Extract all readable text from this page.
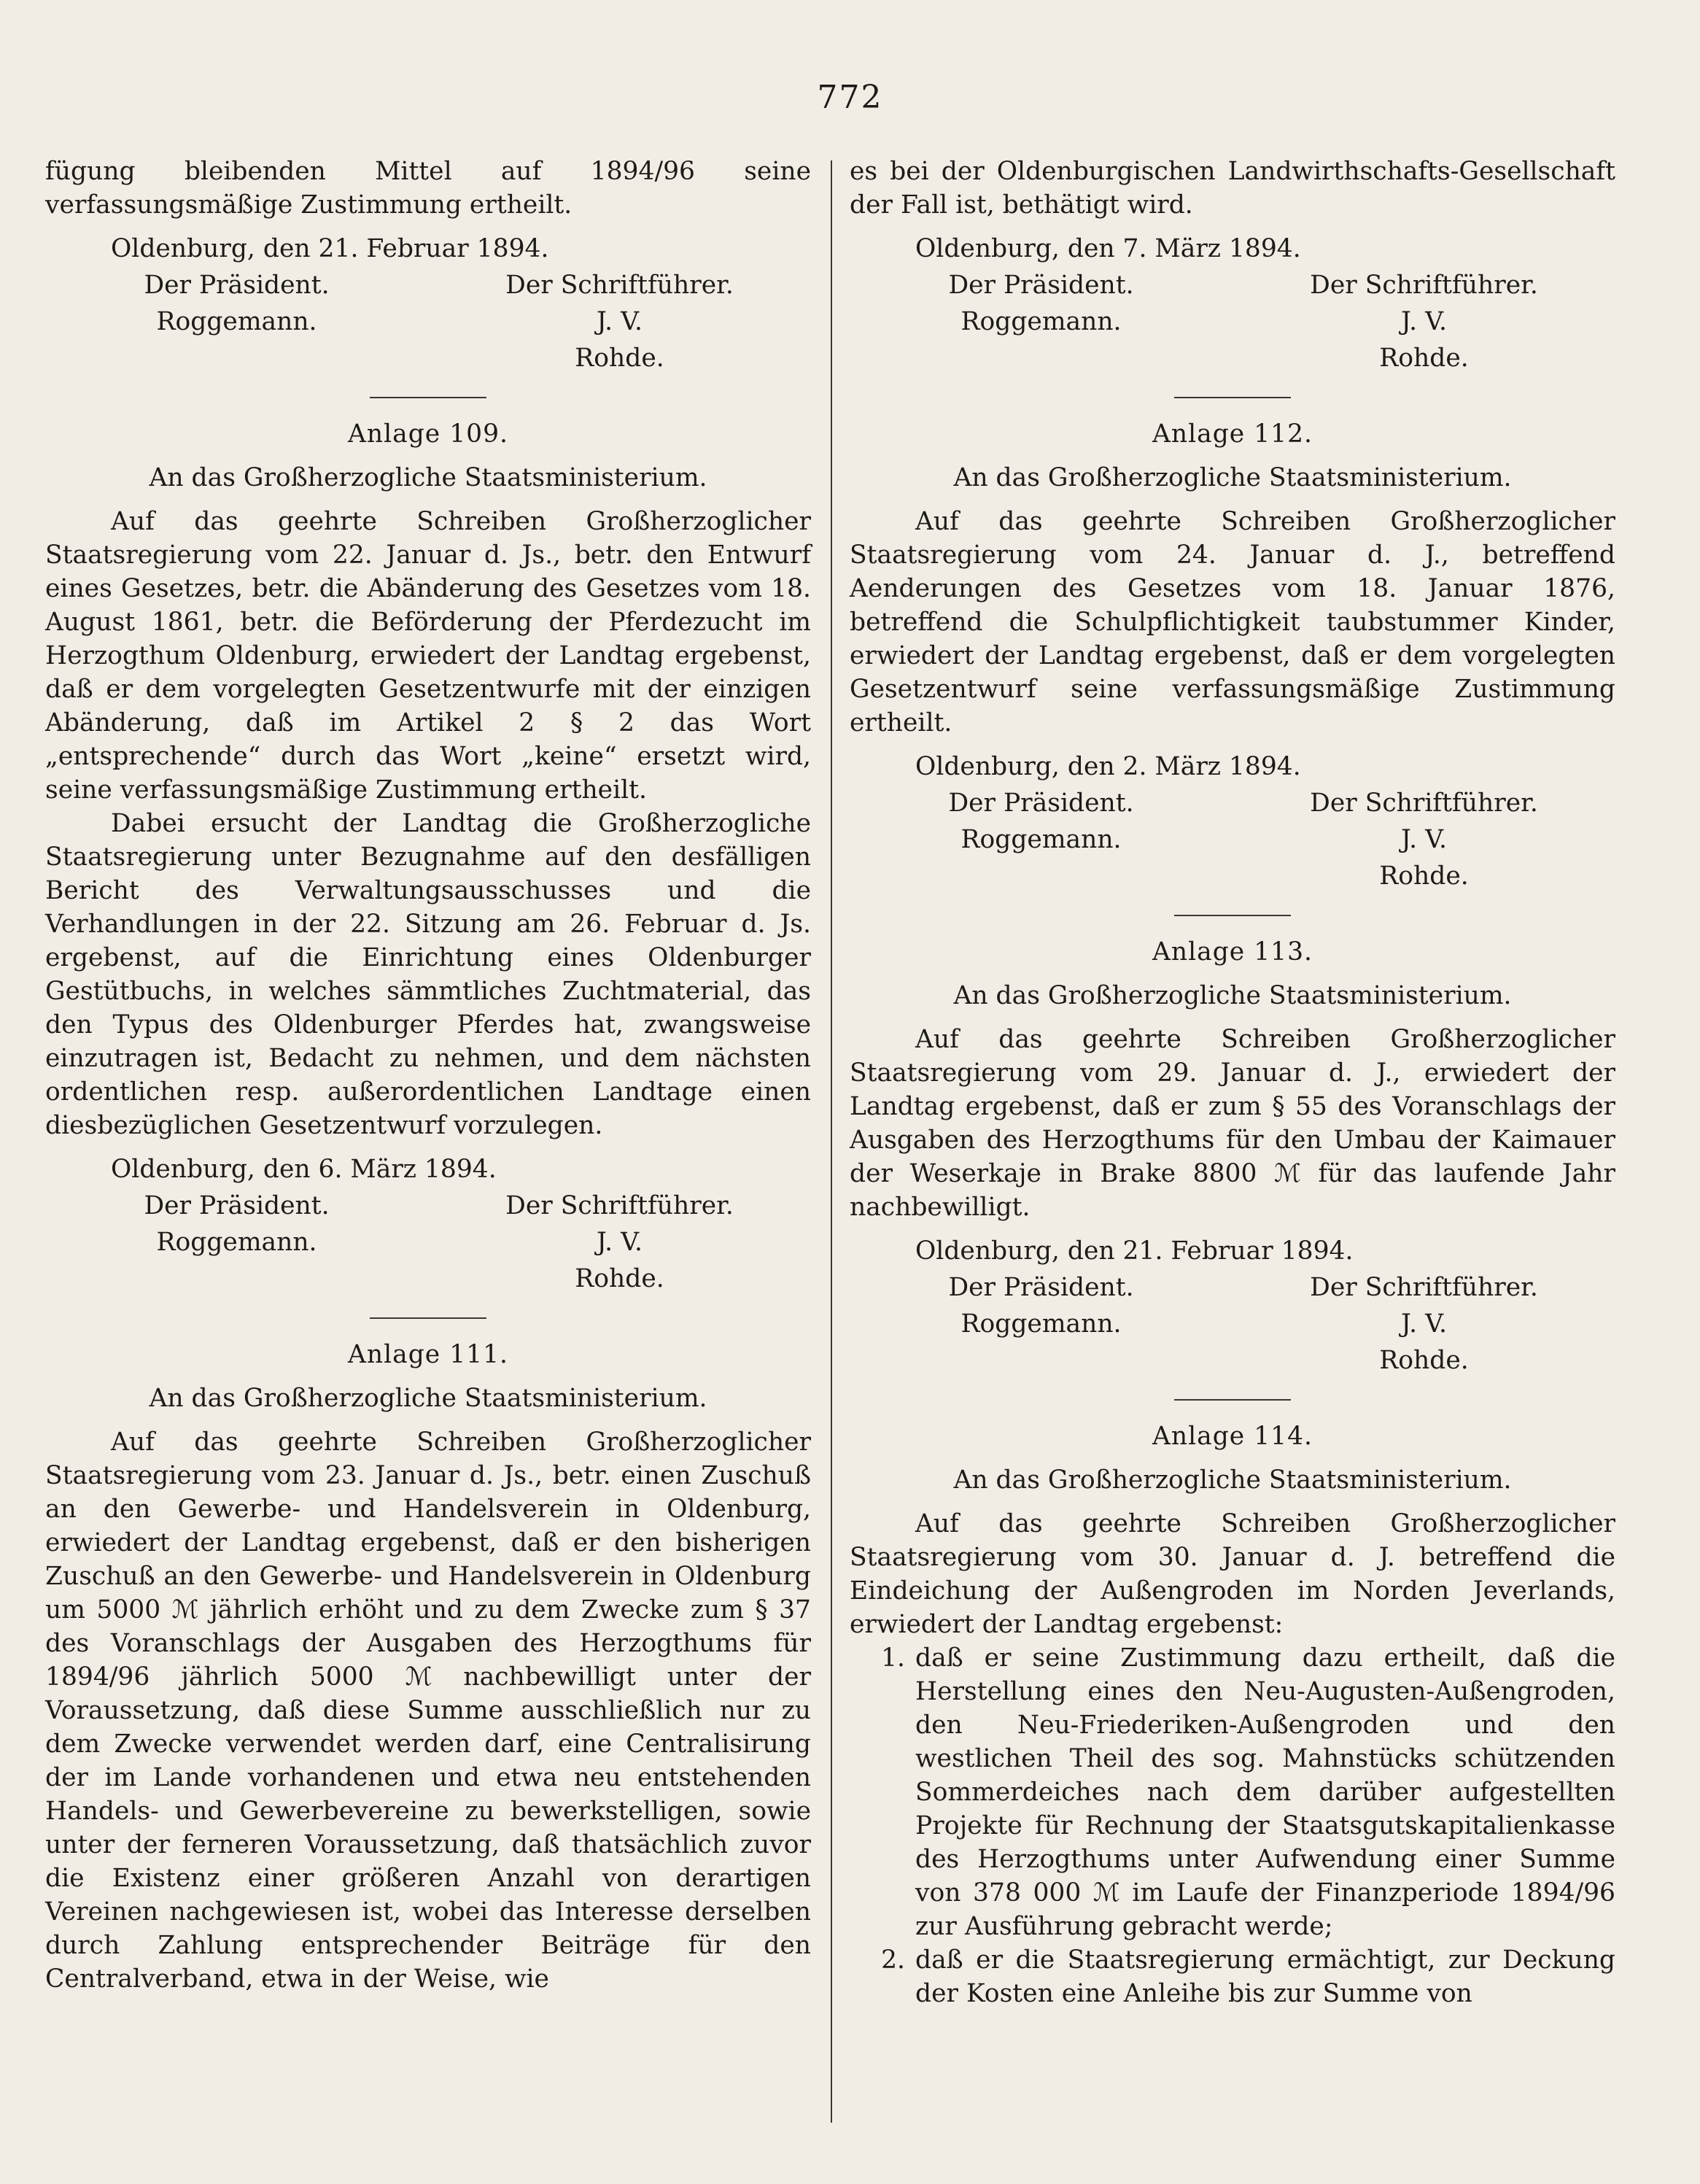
772

fügung bleibenden Mittel auf 1894/96 seine verfassungsmäßige Zustimmung ertheilt.

Oldenburg, den 21. Februar 1894.

Der Präsident.	Der Schriftführer.
Roggemann.	J. V.
Rohde.

Anlage 109.

An das Großherzogliche Staatsministerium.

Auf das geehrte Schreiben Großherzoglicher Staatsregierung vom 22. Januar d. Js., betr. den Entwurf eines Gesetzes, betr. die Abänderung des Gesetzes vom 18. August 1861, betr. die Beförderung der Pferdezucht im Herzogthum Oldenburg, erwiedert der Landtag ergebenst, daß er dem vorgelegten Gesetzentwurfe mit der einzigen Abänderung, daß im Artikel 2 § 2 das Wort „entsprechende“ durch das Wort „keine“ ersetzt wird, seine verfassungsmäßige Zustimmung ertheilt.

Dabei ersucht der Landtag die Großherzogliche Staatsregierung unter Bezugnahme auf den desfälligen Bericht des Verwaltungsausschusses und die Verhandlungen in der 22. Sitzung am 26. Februar d. Js. ergebenst, auf die Einrichtung eines Oldenburger Gestütbuchs, in welches sämmtliches Zuchtmaterial, das den Typus des Oldenburger Pferdes hat, zwangsweise einzutragen ist, Bedacht zu nehmen, und dem nächsten ordentlichen resp. außerordentlichen Landtage einen diesbezüglichen Gesetzentwurf vorzulegen.

Oldenburg, den 6. März 1894.

Der Präsident.	Der Schriftführer.
Roggemann.	J. V.
Rohde.

Anlage 111.

An das Großherzogliche Staatsministerium.

Auf das geehrte Schreiben Großherzoglicher Staatsregierung vom 23. Januar d. Js., betr. einen Zuschuß an den Gewerbe- und Handelsverein in Oldenburg, erwiedert der Landtag ergebenst, daß er den bisherigen Zuschuß an den Gewerbe- und Handelsverein in Oldenburg um 5000 ℳ jährlich erhöht und zu dem Zwecke zum § 37 des Voranschlags der Ausgaben des Herzogthums für 1894/96 jährlich 5000 ℳ nachbewilligt unter der Voraussetzung, daß diese Summe ausschließlich nur zu dem Zwecke verwendet werden darf, eine Centralisirung der im Lande vorhandenen und etwa neu entstehenden Handels- und Gewerbevereine zu bewerkstelligen, sowie unter der ferneren Voraussetzung, daß thatsächlich zuvor die Existenz einer größeren Anzahl von derartigen Vereinen nachgewiesen ist, wobei das Interesse derselben durch Zahlung entsprechender Beiträge für den Centralverband, etwa in der Weise, wie

es bei der Oldenburgischen Landwirthschafts-Gesellschaft der Fall ist, bethätigt wird.

Oldenburg, den 7. März 1894.

Der Präsident.	Der Schriftführer.
Roggemann.	J. V.
Rohde.

Anlage 112.

An das Großherzogliche Staatsministerium.

Auf das geehrte Schreiben Großherzoglicher Staatsregierung vom 24. Januar d. J., betreffend Aenderungen des Gesetzes vom 18. Januar 1876, betreffend die Schulpflichtigkeit taubstummer Kinder, erwiedert der Landtag ergebenst, daß er dem vorgelegten Gesetzentwurf seine verfassungsmäßige Zustimmung ertheilt.

Oldenburg, den 2. März 1894.

Der Präsident.	Der Schriftführer.
Roggemann.	J. V.
Rohde.

Anlage 113.

An das Großherzogliche Staatsministerium.

Auf das geehrte Schreiben Großherzoglicher Staatsregierung vom 29. Januar d. J., erwiedert der Landtag ergebenst, daß er zum § 55 des Voranschlags der Ausgaben des Herzogthums für den Umbau der Kaimauer der Weserkaje in Brake 8800 ℳ für das laufende Jahr nachbewilligt.

Oldenburg, den 21. Februar 1894.

Der Präsident.	Der Schriftführer.
Roggemann.	J. V.
Rohde.

Anlage 114.

An das Großherzogliche Staatsministerium.

Auf das geehrte Schreiben Großherzoglicher Staatsregierung vom 30. Januar d. J. betreffend die Eindeichung der Außengroden im Norden Jeverlands, erwiedert der Landtag ergebenst:

1. daß er seine Zustimmung dazu ertheilt, daß die Herstellung eines den Neu-Augusten-Außengroden, den Neu-Friederiken-Außengroden und den westlichen Theil des sog. Mahnstücks schützenden Sommerdeiches nach dem darüber aufgestellten Projekte für Rechnung der Staatsgutskapitalienkasse des Herzogthums unter Aufwendung einer Summe von 378 000 ℳ im Laufe der Finanzperiode 1894/96 zur Ausführung gebracht werde;
2. daß er die Staatsregierung ermächtigt, zur Deckung der Kosten eine Anleihe bis zur Summe von
